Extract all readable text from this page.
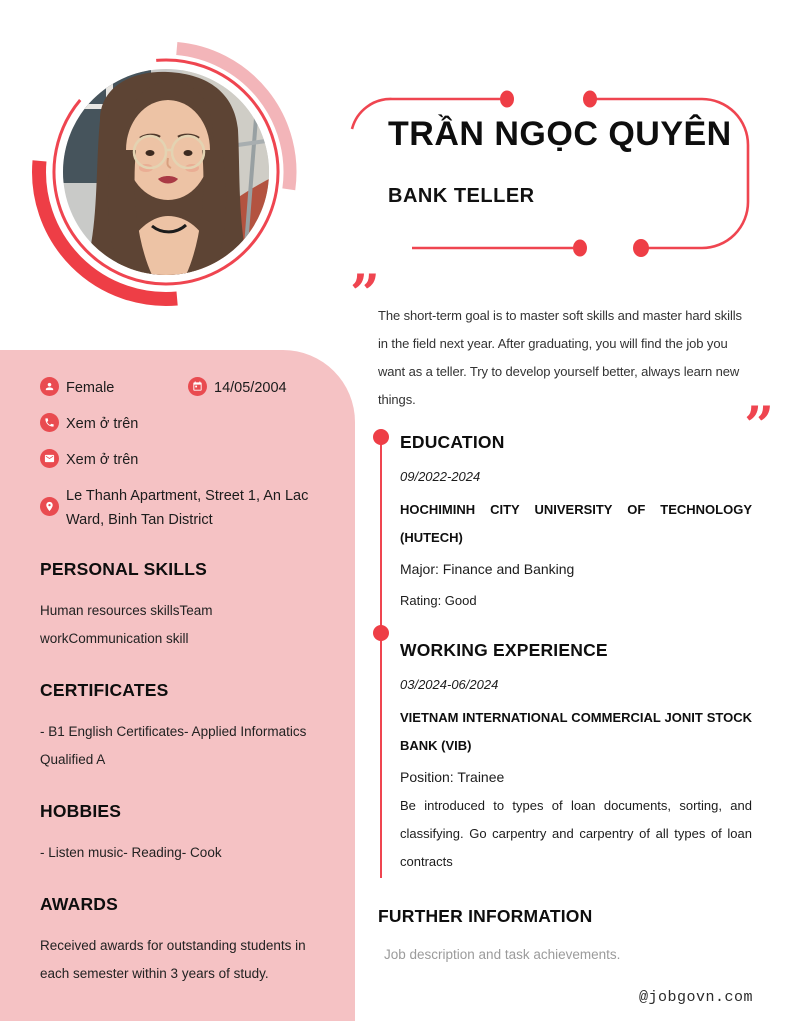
TRẦN NGỌC QUYÊN
BANK TELLER
”

The short-term goal is to master soft skills and master hard skills in the field next year. After graduating, you will find the job you want as a teller. Try to develop yourself better, always learn new things.	”
Female	14/05/2004
Xem ở trên
Xem ở trên
Le Thanh Apartment, Street 1, An Lac Ward, Binh Tan District
PERSONAL SKILLS

Human resources skillsTeam workCommunication skill

CERTIFICATES

- B1 English Certificates- Applied Informatics Qualified A

HOBBIES

- Listen music- Reading- Cook

AWARDS

Received awards for outstanding students in each semester within 3 years of study.

EDUCATION

09/2022-2024

HOCHIMINH CITY UNIVERSITY OF TECHNOLOGY (HUTECH)

Major: Finance and Banking

Rating: Good

WORKING EXPERIENCE

03/2024-06/2024

VIETNAM INTERNATIONAL COMMERCIAL JONIT STOCK BANK (VIB)

Position: Trainee

Be introduced to types of loan documents, sorting, and classifying. Go carpentry and carpentry of all types of loan contracts

FURTHER INFORMATION

Job description and task achievements.

@jobgovn.com
